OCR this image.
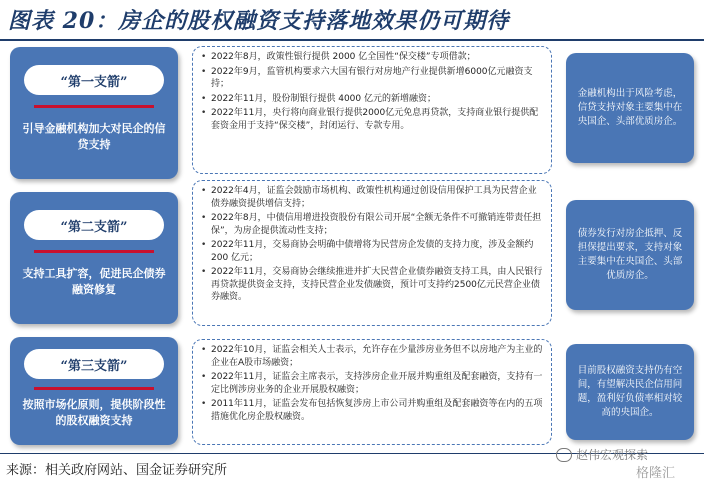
图表 20：房企的股权融资支持落地效果仍可期待
“第一支箭”
引导金融机构加大对民企的信贷支持
• 2022年8月，政策性银行提供 2000 亿全国性“保交楼”专项借款；
• 2022年9月，监管机构要求六大国有银行对房地产行业提供新增6000亿元融资支持；
• 2022年11月，股份制银行提供 4000 亿元的新增融资；
• 2022年11月，央行将向商业银行提供2000亿元免息再贷款，支持商业银行提供配套资金用于支持“保交楼”，封闭运行、专款专用。
金融机构出于风险考虑，信贷支持对象主要集中在央国企、头部优质房企。
“第二支箭”
支持工具扩容，促进民企债券融资修复
• 2022年4月，证监会鼓励市场机构、政策性机构通过创设信用保护工具为民营企业债券融资提供增信支持；
• 2022年8月，中债信用增进投资股份有限公司开展“全额无条件不可撤销连带责任担保”，为房企提供流动性支持；
• 2022年11月，交易商协会明确中债增将为民营房企发债的支持力度，涉及金额约 200 亿元；
• 2022年11月，交易商协会继续推进并扩大民营企业债券融资支持工具，由人民银行再贷款提供资金支持，支持民营企业发债融资，预计可支持约2500亿元民营企业债券融资。
债券发行对房企抵押、反担保提出要求，支持对象主要集中在央国企、头部优质房企。
“第三支箭”
按照市场化原则，提供阶段性的股权融资支持
• 2022年10月，证监会相关人士表示，允许存在少量涉房业务但不以房地产为主业的企业在A股市场融资；
• 2022年11月，证监会主席表示，支持涉房企业开展并购重组及配套融资，支持有一定比例涉房业务的企业开展股权融资；
• 2011年11月，证监会发布包括恢复涉房上市公司并购重组及配套融资等在内的五项措施优化房企股权融资。
目前股权融资支持仍有空间，有望解决民企信用问题，盈利好负债率相对较高的央国企。
来源：相关政府网站、国金证券研究所
赵伟宏观探索
格隆汇
